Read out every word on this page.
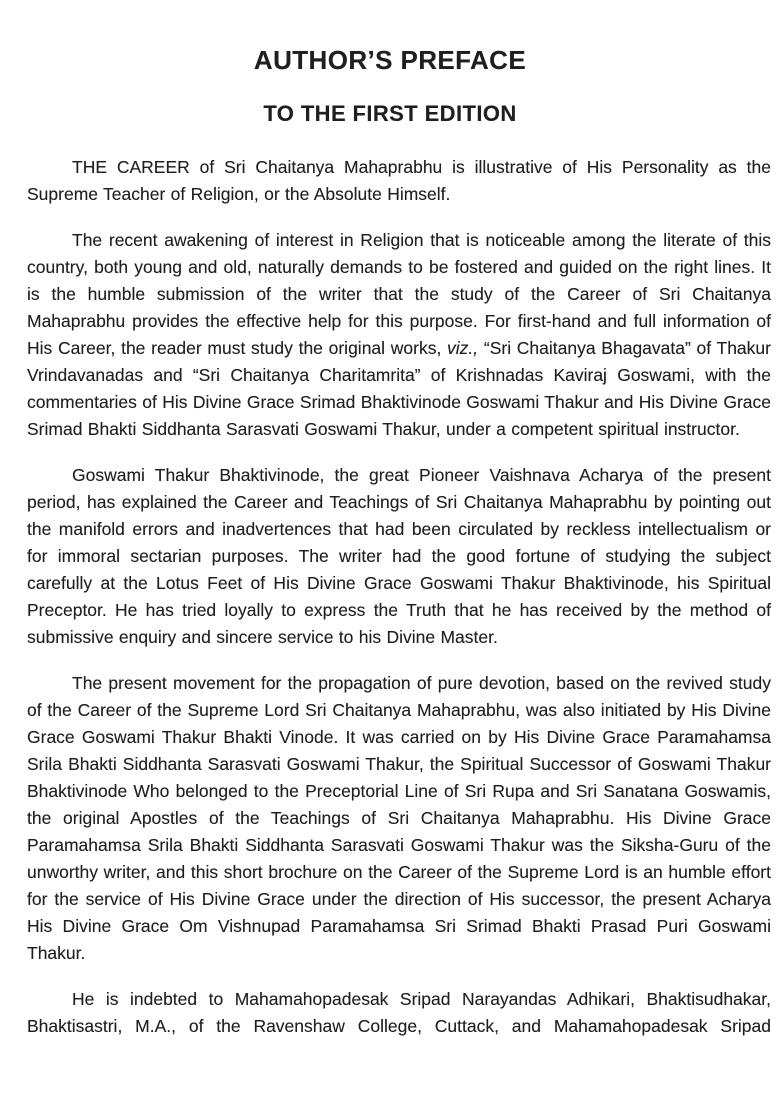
AUTHOR’S PREFACE
TO THE FIRST EDITION

THE CAREER of Sri Chaitanya Mahaprabhu is illustrative of His Personality as the Supreme Teacher of Religion, or the Absolute Himself.

The recent awakening of interest in Religion that is noticeable among the literate of this country, both young and old, naturally demands to be fostered and guided on the right lines. It is the humble submission of the writer that the study of the Career of Sri Chaitanya Mahaprabhu provides the effective help for this purpose. For first-hand and full information of His Career, the reader must study the original works, viz., “Sri Chaitanya Bhagavata” of Thakur Vrindavanadas and “Sri Chaitanya Charitamrita” of Krishnadas Kaviraj Goswami, with the commentaries of His Divine Grace Srimad Bhaktivinode Goswami Thakur and His Divine Grace Srimad Bhakti Siddhanta Sarasvati Goswami Thakur, under a competent spiritual instructor.

Goswami Thakur Bhaktivinode, the great Pioneer Vaishnava Acharya of the present period, has explained the Career and Teachings of Sri Chaitanya Mahaprabhu by pointing out the manifold errors and inadvertences that had been circulated by reckless intellectualism or for immoral sectarian purposes. The writer had the good fortune of studying the subject carefully at the Lotus Feet of His Divine Grace Goswami Thakur Bhaktivinode, his Spiritual Preceptor. He has tried loyally to express the Truth that he has received by the method of submissive enquiry and sincere service to his Divine Master.

The present movement for the propagation of pure devotion, based on the revived study of the Career of the Supreme Lord Sri Chaitanya Mahaprabhu, was also initiated by His Divine Grace Goswami Thakur Bhakti Vinode. It was carried on by His Divine Grace Paramahamsa Srila Bhakti Siddhanta Sarasvati Goswami Thakur, the Spiritual Successor of Goswami Thakur Bhaktivinode Who belonged to the Preceptorial Line of Sri Rupa and Sri Sanatana Goswamis, the original Apostles of the Teachings of Sri Chaitanya Mahaprabhu. His Divine Grace Paramahamsa Srila Bhakti Siddhanta Sarasvati Goswami Thakur was the Siksha-Guru of the unworthy writer, and this short brochure on the Career of the Supreme Lord is an humble effort for the service of His Divine Grace under the direction of His successor, the present Acharya His Divine Grace Om Vishnupad Paramahamsa Sri Srimad Bhakti Prasad Puri Goswami Thakur.

He is indebted to Mahamahopadesak Sripad Narayandas Adhikari, Bhaktisudhakar, Bhaktisastri, M.A., of the Ravenshaw College, Cuttack, and Mahamahopadesak Sripad
